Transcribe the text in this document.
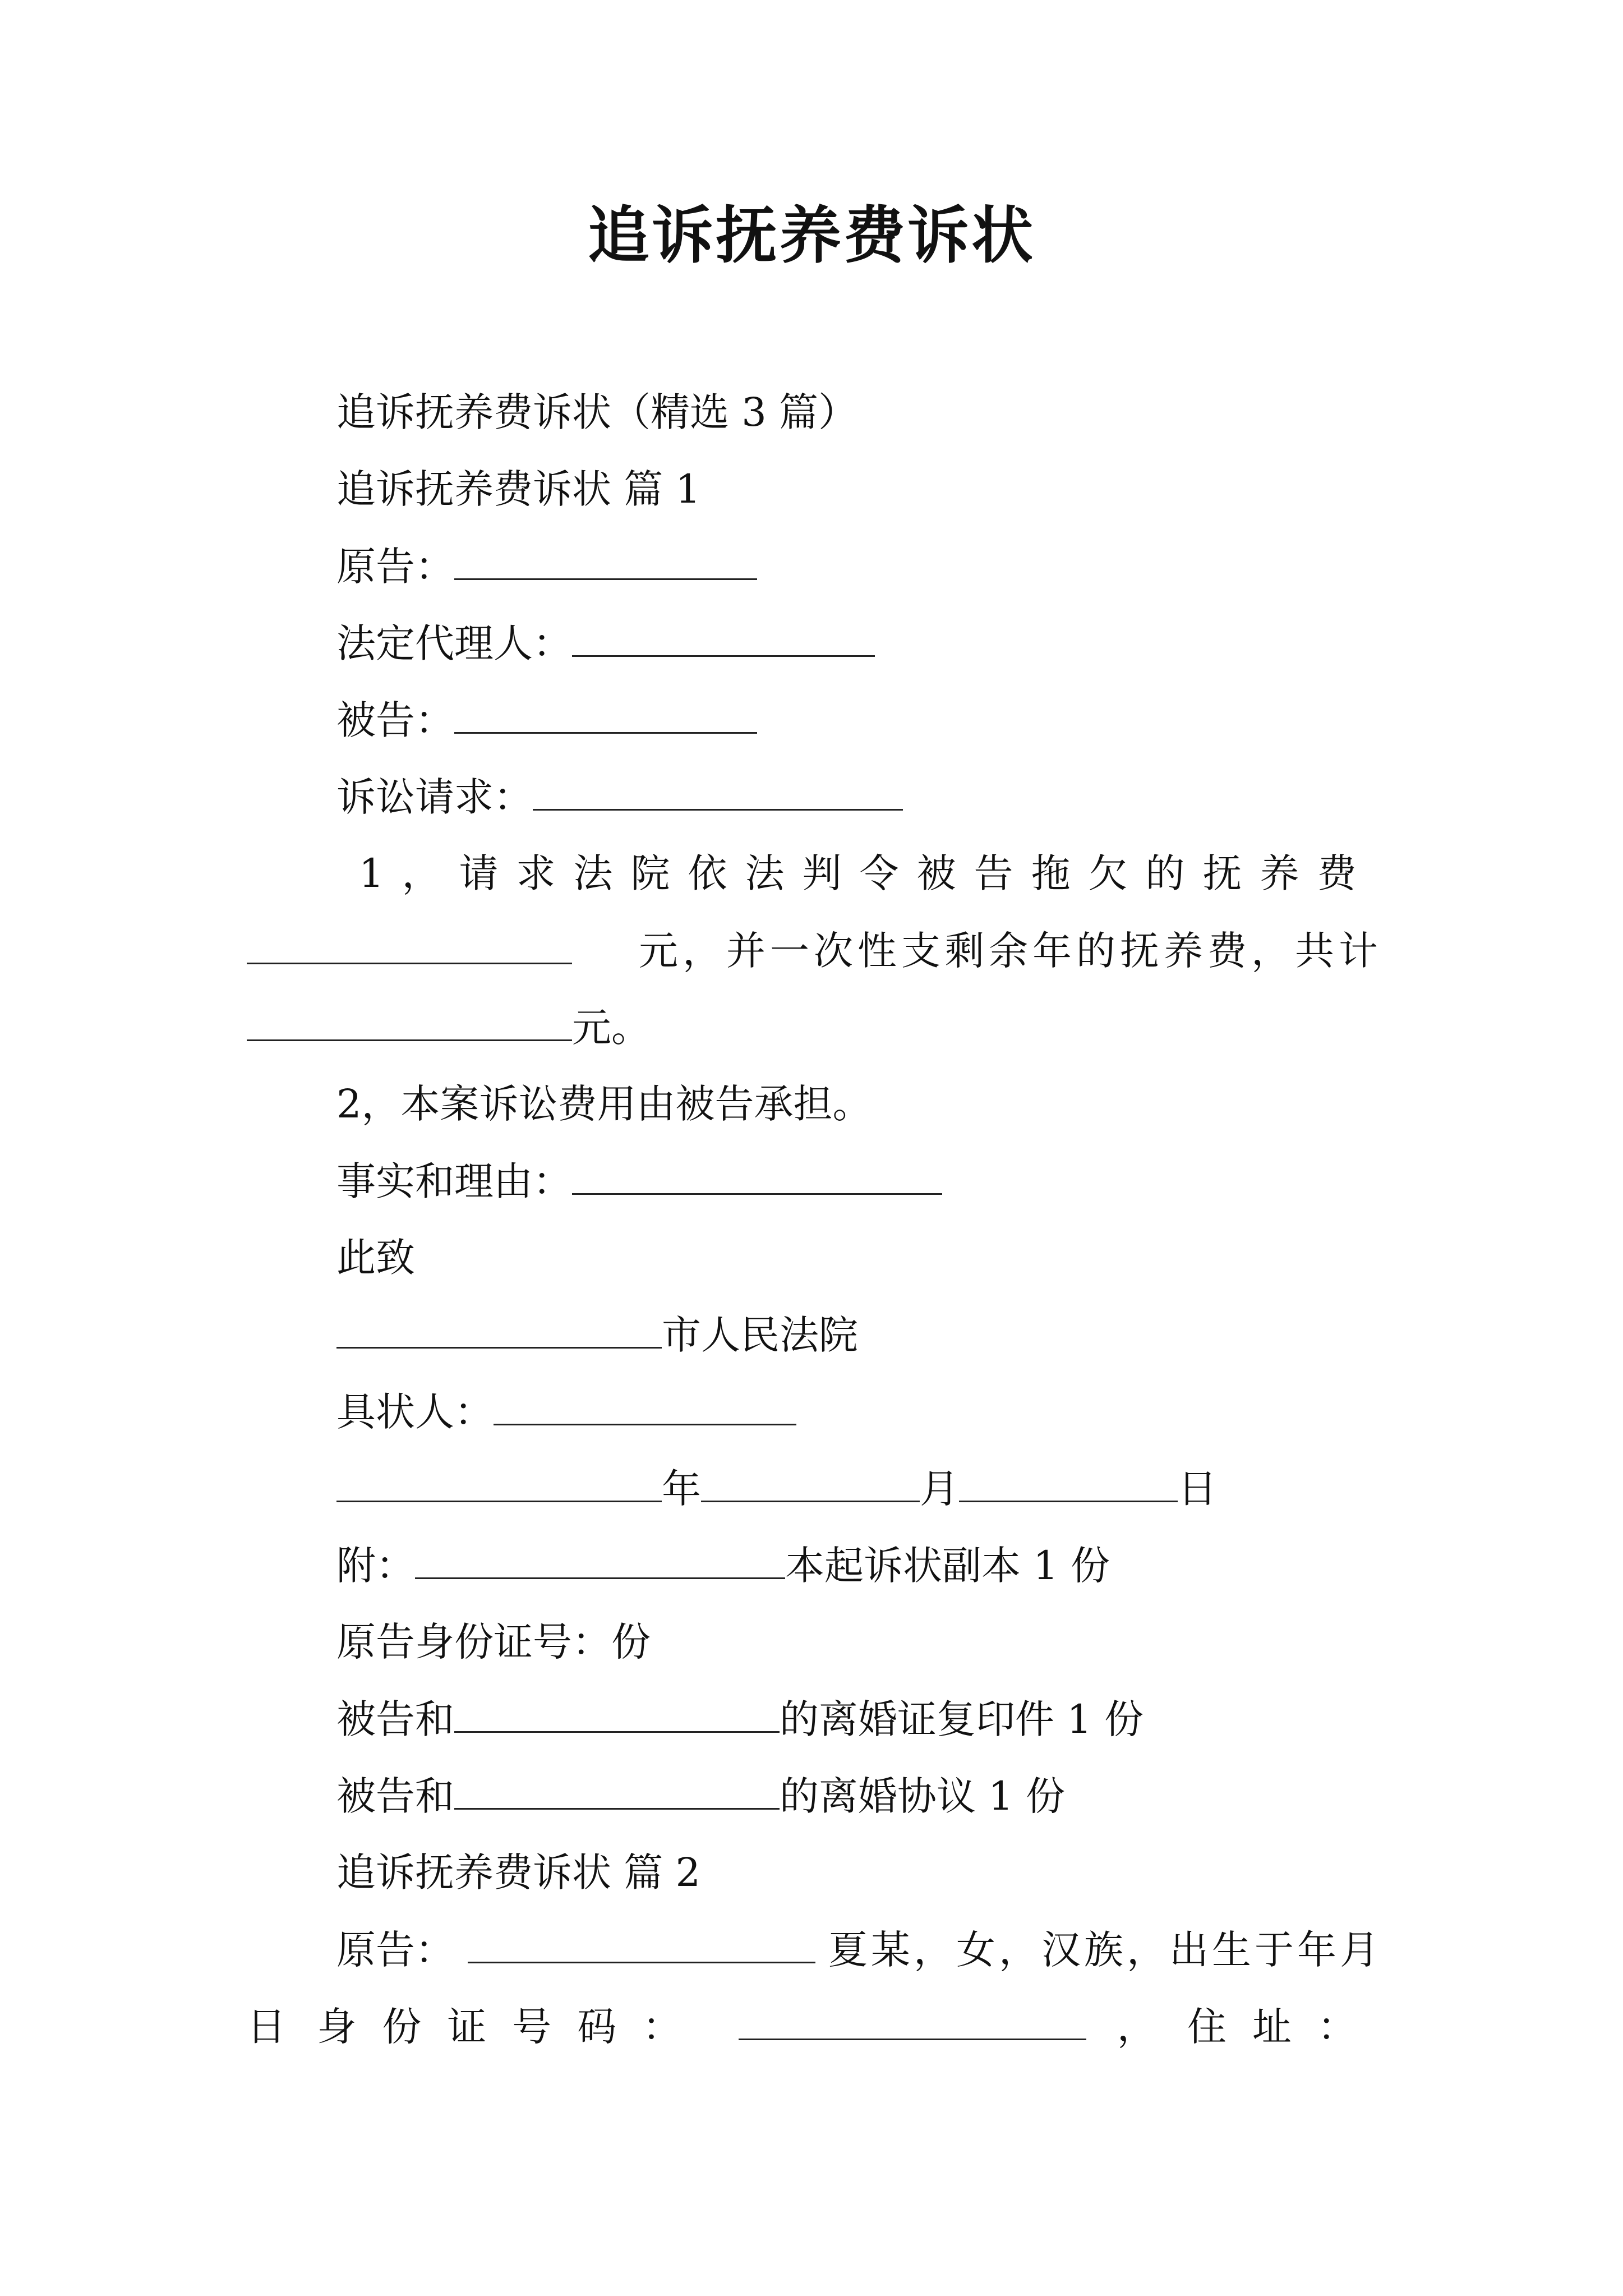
追诉抚养费诉状

追诉抚养费诉状（精选 3 篇）

追诉抚养费诉状 篇 1

原告：

法定代理人：

被告：

诉讼请求：

1，请求法院依法判令被告拖欠的抚养费
元，并一次性支剩余年的抚养费，共计

元。

2，本案诉讼费用由被告承担。

事实和理由：

此致

市人民法院

具状人：

年	月	日

附：	本起诉状副本 1 份

原告身份证号：份

被告和	的离婚证复印件 1 份

被告和	的离婚协议 1 份

追诉抚养费诉状 篇 2

原告：	夏某，女，汉族，出生于年月
日 身份证号码：	， 住址：
